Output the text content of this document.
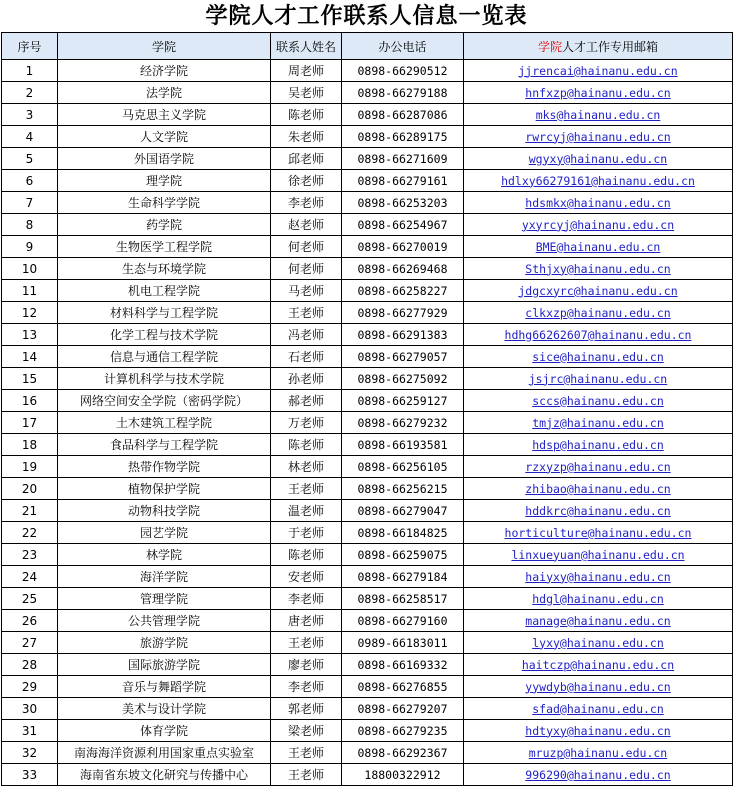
学院人才工作联系人信息一览表
序号	学院	联系人姓名	办公电话	学院人才工作专用邮箱
1	经济学院	周老师	0898-66290512	jjrencai@hainanu.edu.cn
2	法学院	吴老师	0898-66279188	hnfxzp@hainanu.edu.cn
3	马克思主义学院	陈老师	0898-66287086	mks@hainanu.edu.cn
4	人文学院	朱老师	0898-66289175	rwrcyj@hainanu.edu.cn
5	外国语学院	邱老师	0898-66271609	wgyxy@hainanu.edu.cn
6	理学院	徐老师	0898-66279161	hdlxy66279161@hainanu.edu.cn
7	生命科学学院	李老师	0898-66253203	hdsmkx@hainanu.edu.cn
8	药学院	赵老师	0898-66254967	yxyrcyj@hainanu.edu.cn
9	生物医学工程学院	何老师	0898-66270019	BME@hainanu.edu.cn
10	生态与环境学院	何老师	0898-66269468	Sthjxy@hainanu.edu.cn
11	机电工程学院	马老师	0898-66258227	jdgcxyrc@hainanu.edu.cn
12	材料科学与工程学院	王老师	0898-66277929	clkxzp@hainanu.edu.cn
13	化学工程与技术学院	冯老师	0898-66291383	hdhg66262607@hainanu.edu.cn
14	信息与通信工程学院	石老师	0898-66279057	sice@hainanu.edu.cn
15	计算机科学与技术学院	孙老师	0898-66275092	jsjrc@hainanu.edu.cn
16	网络空间安全学院（密码学院）	郝老师	0898-66259127	sccs@hainanu.edu.cn
17	土木建筑工程学院	万老师	0898-66279232	tmjz@hainanu.edu.cn
18	食品科学与工程学院	陈老师	0898-66193581	hdsp@hainanu.edu.cn
19	热带作物学院	林老师	0898-66256105	rzxyzp@hainanu.edu.cn
20	植物保护学院	王老师	0898-66256215	zhibao@hainanu.edu.cn
21	动物科技学院	温老师	0898-66279047	hddkrc@hainanu.edu.cn
22	园艺学院	于老师	0898-66184825	horticulture@hainanu.edu.cn
23	林学院	陈老师	0898-66259075	linxueyuan@hainanu.edu.cn
24	海洋学院	安老师	0898-66279184	haiyxy@hainanu.edu.cn
25	管理学院	李老师	0898-66258517	hdgl@hainanu.edu.cn
26	公共管理学院	唐老师	0898-66279160	manage@hainanu.edu.cn
27	旅游学院	王老师	0989-66183011	lyxy@hainanu.edu.cn
28	国际旅游学院	廖老师	0898-66169332	haitczp@hainanu.edu.cn
29	音乐与舞蹈学院	李老师	0898-66276855	yywdyb@hainanu.edu.cn
30	美术与设计学院	郭老师	0898-66279207	sfad@hainanu.edu.cn
31	体育学院	梁老师	0898-66279235	hdtyxy@hainanu.edu.cn
32	南海海洋资源利用国家重点实验室	王老师	0898-66292367	mruzp@hainanu.edu.cn
33	海南省东坡文化研究与传播中心	王老师	18800322912	996290@hainanu.edu.cn
